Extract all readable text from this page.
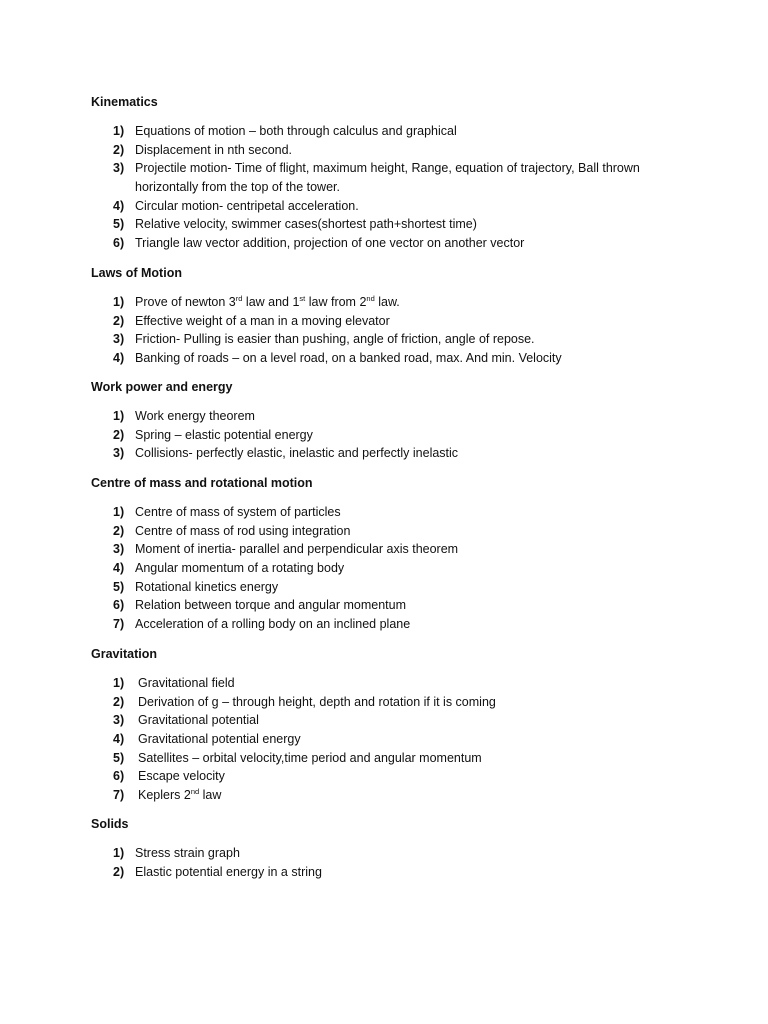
Kinematics
1) Equations of motion – both through calculus and graphical
2) Displacement in nth second.
3) Projectile motion- Time of flight, maximum height, Range, equation of trajectory, Ball thrown horizontally from the top of the tower.
4) Circular motion- centripetal acceleration.
5) Relative velocity, swimmer cases(shortest path+shortest time)
6) Triangle law vector addition, projection of one vector on another vector
Laws of Motion
1) Prove of newton 3rd law and 1st law from 2nd law.
2) Effective weight of a man in a moving elevator
3) Friction- Pulling is easier than pushing, angle of friction, angle of repose.
4) Banking of roads – on a level road, on a banked road, max. And min. Velocity
Work power and energy
1) Work energy theorem
2) Spring – elastic potential energy
3) Collisions- perfectly elastic, inelastic and perfectly inelastic
Centre of mass and rotational motion
1) Centre of mass of system of particles
2) Centre of mass of rod using integration
3) Moment of inertia- parallel and perpendicular axis theorem
4) Angular momentum of a rotating body
5) Rotational kinetics energy
6) Relation between torque and angular momentum
7) Acceleration of a rolling body on an inclined plane
Gravitation
1) Gravitational field
2) Derivation of g – through height, depth and rotation if it is coming
3) Gravitational potential
4) Gravitational potential energy
5) Satellites – orbital velocity,time period and angular momentum
6) Escape velocity
7) Keplers 2nd law
Solids
1) Stress strain graph
2) Elastic potential energy in a string
